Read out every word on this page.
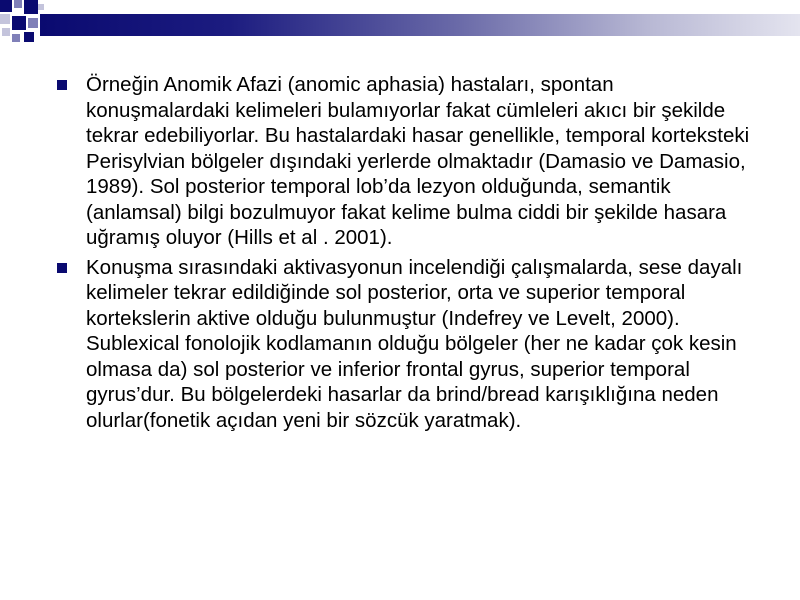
Örneğin Anomik Afazi (anomic aphasia) hastaları, spontan konuşmalardaki kelimeleri bulamıyorlar fakat cümleleri akıcı bir şekilde tekrar edebiliyorlar. Bu hastalardaki hasar genellikle, temporal korteksteki Perisylvian bölgeler dışındaki yerlerde olmaktadır (Damasio ve Damasio, 1989). Sol posterior temporal lob’da lezyon olduğunda, semantik (anlamsal) bilgi bozulmuyor fakat kelime bulma ciddi bir şekilde hasara uğramış oluyor (Hills et al . 2001).
Konuşma sırasındaki aktivasyonun incelendiği çalışmalarda, sese dayalı kelimeler tekrar edildiğinde sol posterior, orta ve superior temporal kortekslerin aktive olduğu bulunmuştur (Indefrey ve Levelt, 2000). Sublexical fonolojik kodlamanın olduğu bölgeler (her ne kadar çok kesin olmasa da) sol posterior ve inferior frontal gyrus, superior temporal gyrus’dur. Bu bölgelerdeki hasarlar da brind/bread karışıklığına neden olurlar(fonetik açıdan yeni bir sözcük yaratmak).
